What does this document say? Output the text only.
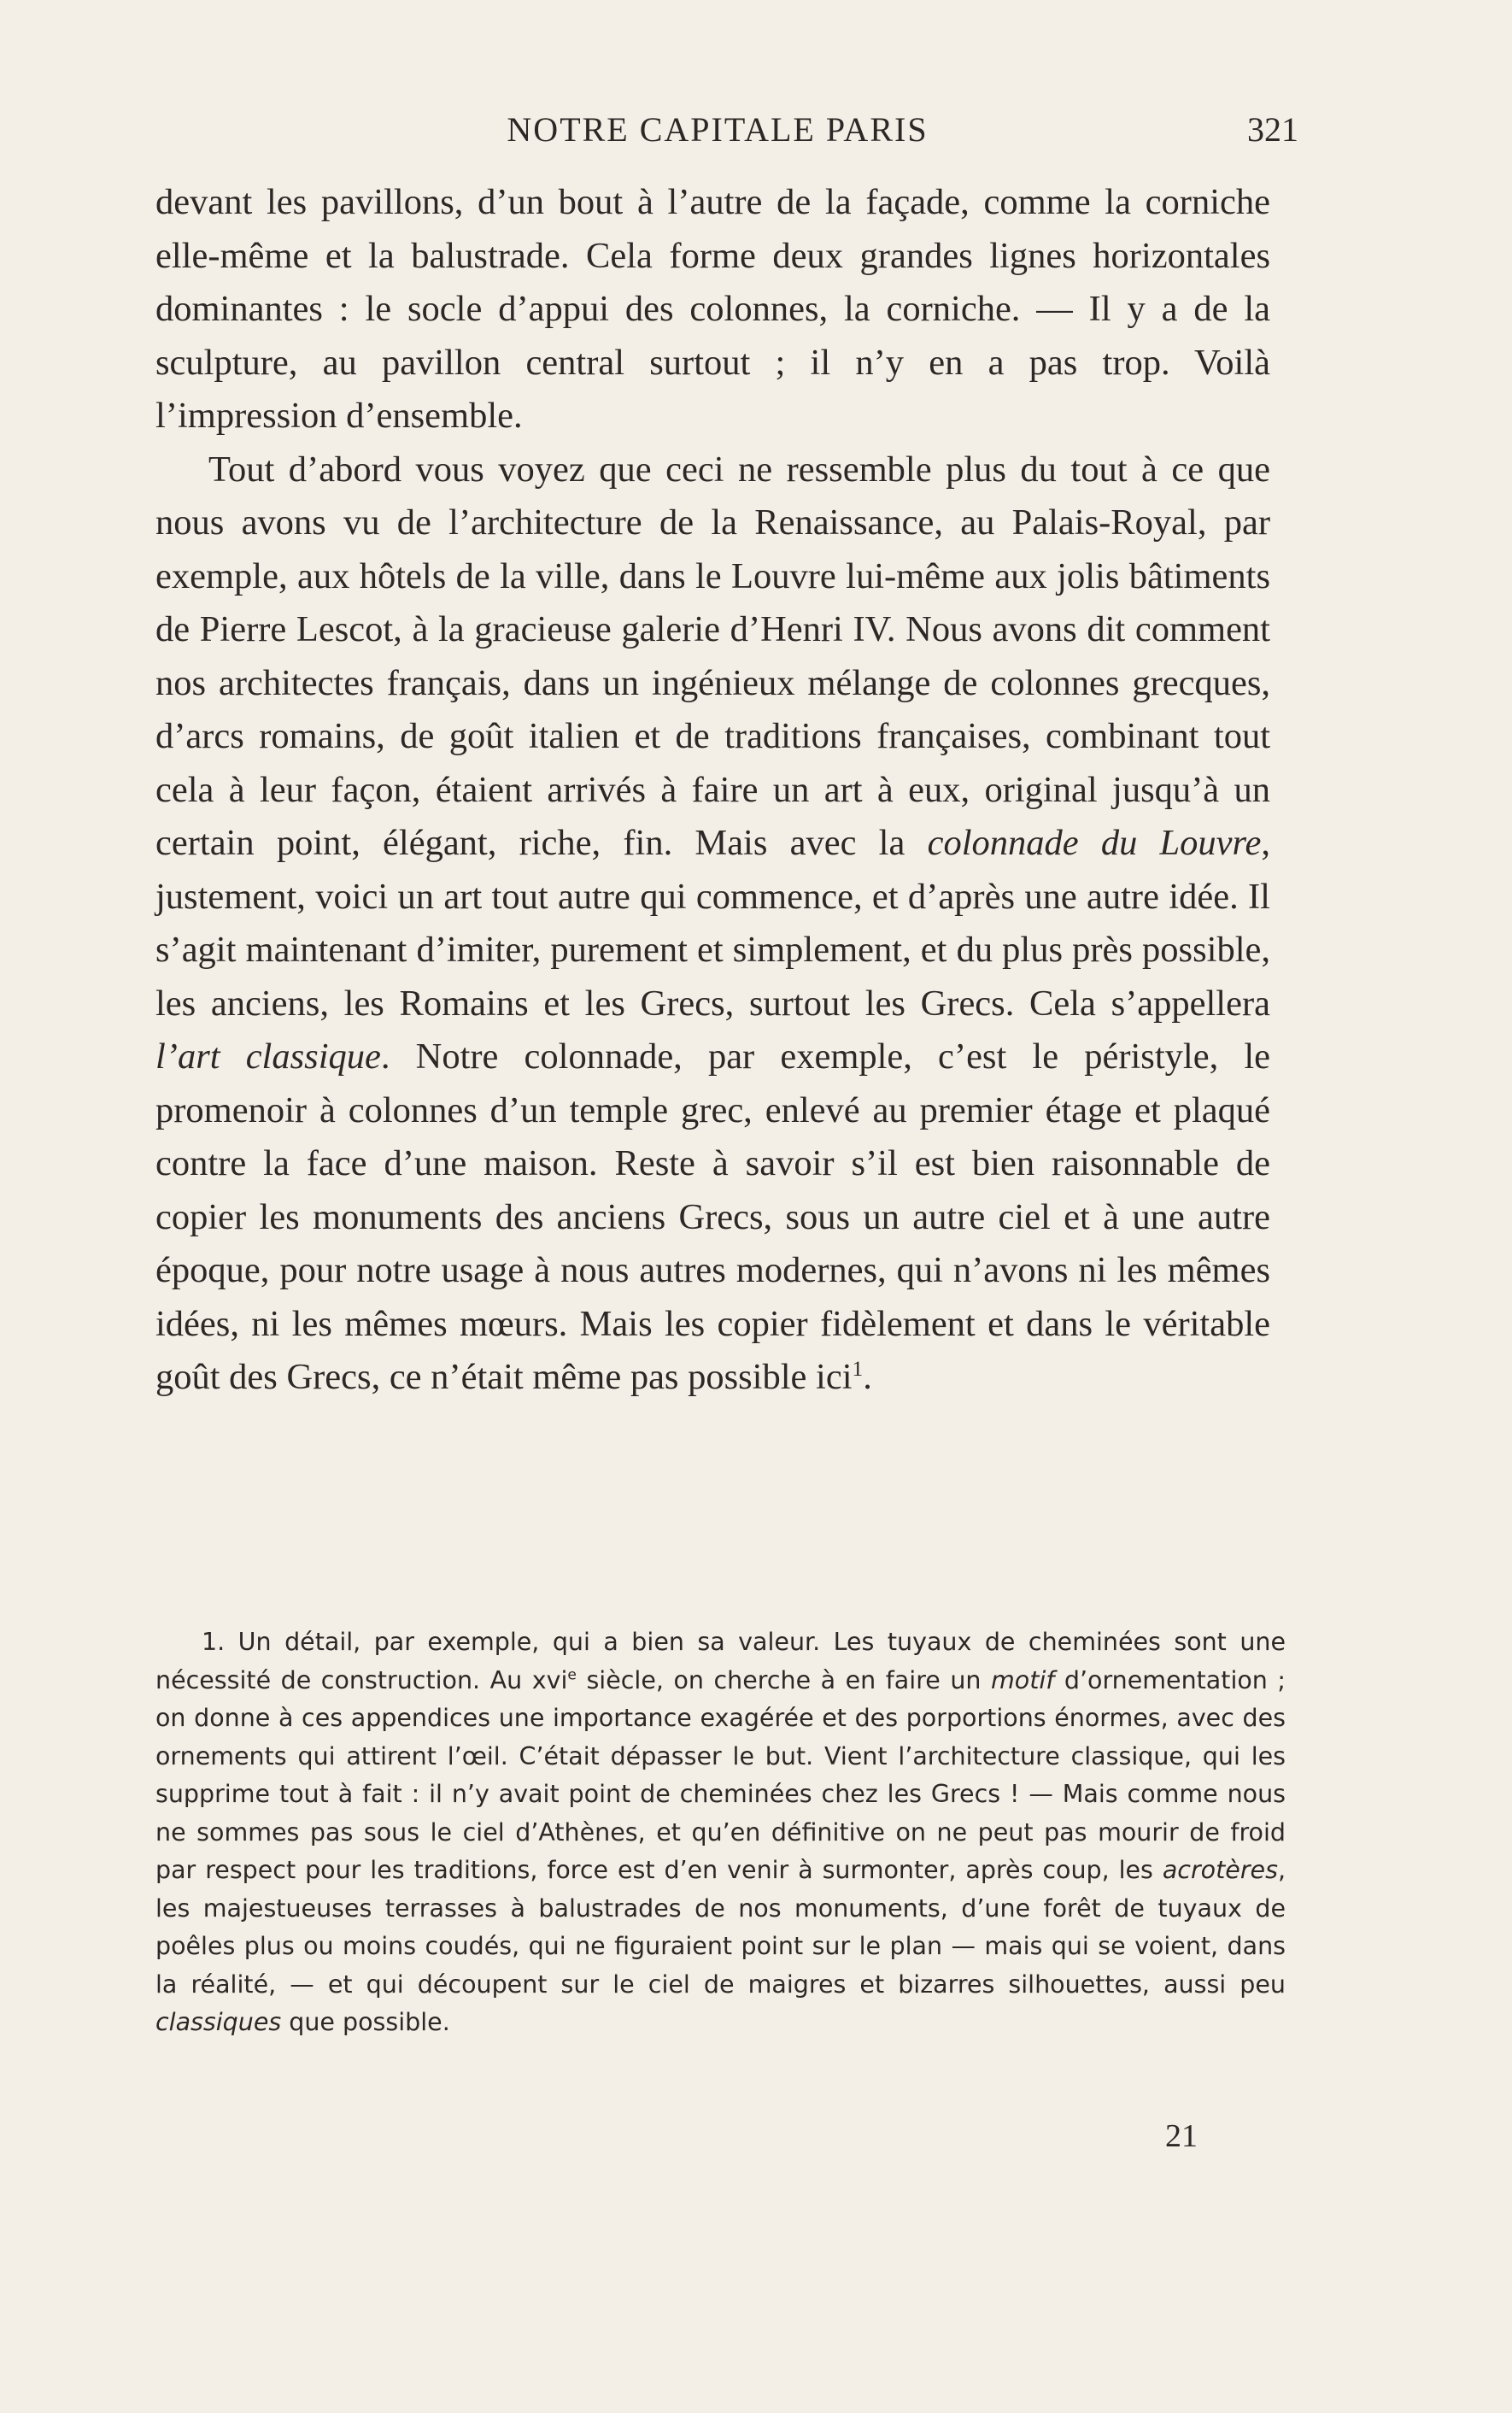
NOTRE CAPITALE PARIS	321

devant les pavillons, d’un bout à l’autre de la façade, comme la corniche elle-même et la balustrade. Cela forme deux grandes lignes horizontales dominantes : le socle d’appui des colonnes, la corniche. — Il y a de la sculpture, au pavillon central surtout ; il n’y en a pas trop. Voilà l’impression d’ensemble.

Tout d’abord vous voyez que ceci ne ressemble plus du tout à ce que nous avons vu de l’architecture de la Renaissance, au Palais-Royal, par exemple, aux hôtels de la ville, dans le Louvre lui-même aux jolis bâtiments de Pierre Lescot, à la gracieuse galerie d’Henri IV. Nous avons dit comment nos architectes français, dans un ingénieux mélange de colonnes grecques, d’arcs romains, de goût italien et de traditions françaises, combinant tout cela à leur façon, étaient arrivés à faire un art à eux, original jusqu’à un certain point, élégant, riche, fin. Mais avec la colonnade du Louvre, justement, voici un art tout autre qui commence, et d’après une autre idée. Il s’agit maintenant d’imiter, purement et simplement, et du plus près possible, les anciens, les Romains et les Grecs, surtout les Grecs. Cela s’appellera l’art classique. Notre colonnade, par exemple, c’est le péristyle, le promenoir à colonnes d’un temple grec, enlevé au premier étage et plaqué contre la face d’une maison. Reste à savoir s’il est bien raisonnable de copier les monuments des anciens Grecs, sous un autre ciel et à une autre époque, pour notre usage à nous autres modernes, qui n’avons ni les mêmes idées, ni les mêmes mœurs. Mais les copier fidèlement et dans le véritable goût des Grecs, ce n’était même pas possible ici$^1$.

1. Un détail, par exemple, qui a bien sa valeur. Les tuyaux de cheminées sont une nécessité de construction. Au xvi$^e$ siècle, on cherche à en faire un motif d’ornementation ; on donne à ces appendices une importance exagérée et des porportions énormes, avec des ornements qui attirent l’œil. C’était dépasser le but. Vient l’architecture classique, qui les supprime tout à fait : il n’y avait point de cheminées chez les Grecs ! — Mais comme nous ne sommes pas sous le ciel d’Athènes, et qu’en définitive on ne peut pas mourir de froid par respect pour les traditions, force est d’en venir à surmonter, après coup, les acrotères, les majestueuses terrasses à balustrades de nos monuments, d’une forêt de tuyaux de poêles plus ou moins coudés, qui ne figuraient point sur le plan — mais qui se voient, dans la réalité, — et qui découpent sur le ciel de maigres et bizarres silhouettes, aussi peu classiques que possible.

21
